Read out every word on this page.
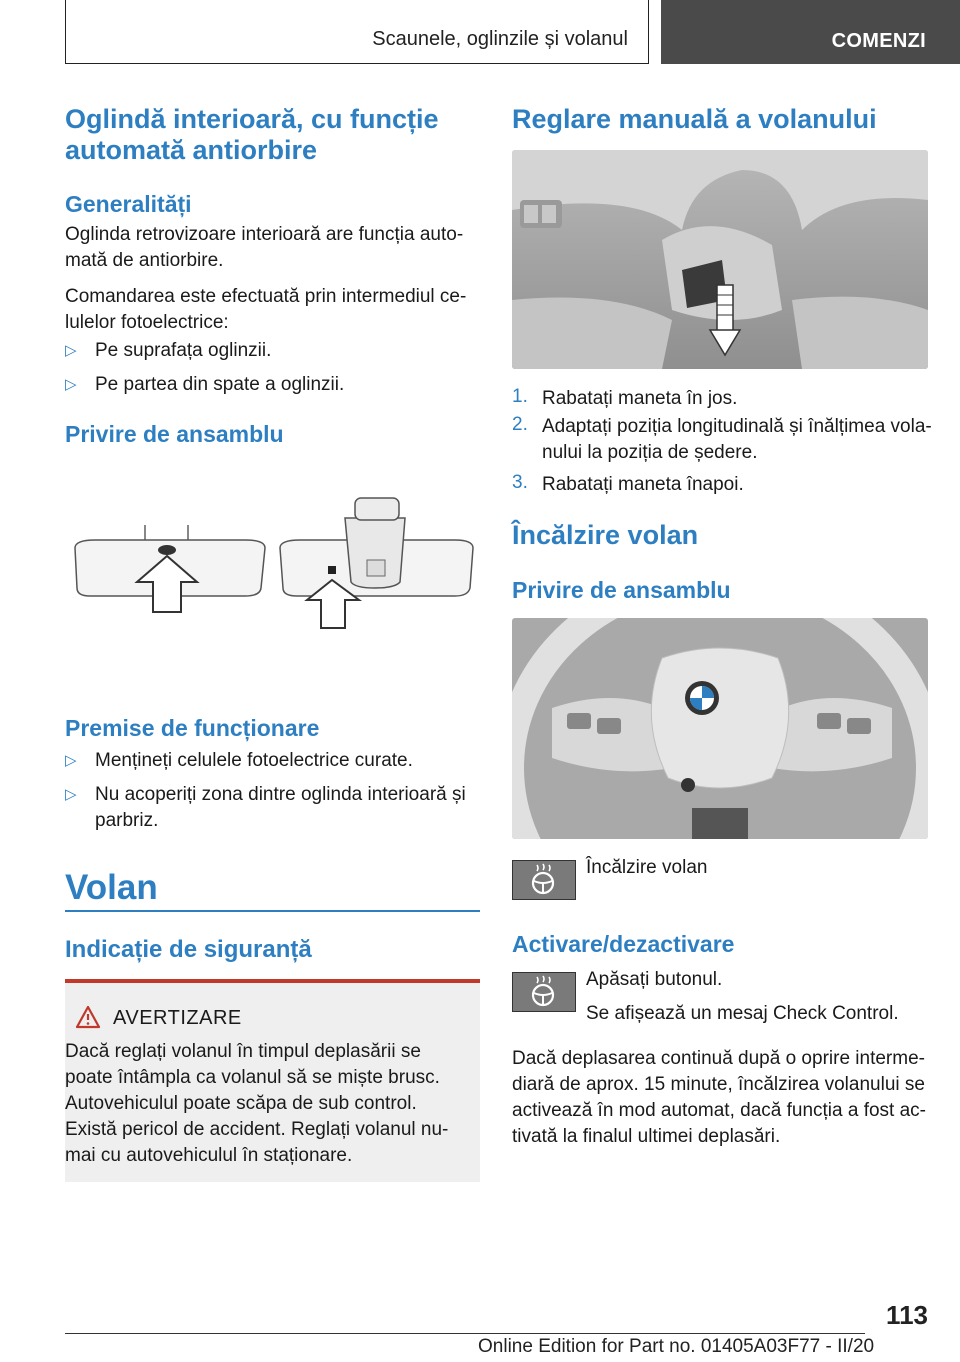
Scaunele, oglinzile și volanul	COMENZI
Oglindă interioară, cu funcție automată antiorbire
Generalități

Oglinda retrovizoare interioară are funcția auto-

mată de antiorbire.

Comandarea este efectuată prin intermediul ce-

lulelor fotoelectrice:

▷ Pe suprafața oglinzii.
▷ Pe partea din spate a oglinzii.
Privire de ansamblu
Premise de funcționare
▷ Mențineți celulele fotoelectrice curate.
▷ Nu acoperiți zona dintre oglinda interioară și
parbriz.
Volan
Indicație de siguranță
AVERTIZARE

Dacă reglați volanul în timpul deplasării se

poate întâmpla ca volanul să se miște brusc.

Autovehiculul poate scăpa de sub control.

Există pericol de accident. Reglați volanul nu-

mai cu autovehiculul în staționare.

Reglare manuală a volanului
1. Rabatați maneta în jos.
2. Adaptați poziția longitudinală și înălțimea vola-
nului la poziția de ședere.
3. Rabatați maneta înapoi.
Încălzire volan
Privire de ansamblu
Încălzire volan
Activare/dezactivare
Apăsați butonul.
Se afișează un mesaj Check Control.

Dacă deplasarea continuă după o oprire interme-

diară de aprox. 15 minute, încălzirea volanului se

activează în mod automat, dacă funcția a fost ac-

tivată la finalul ultimei deplasări.

113
Online Edition for Part no. 01405A03F77 - II/20
